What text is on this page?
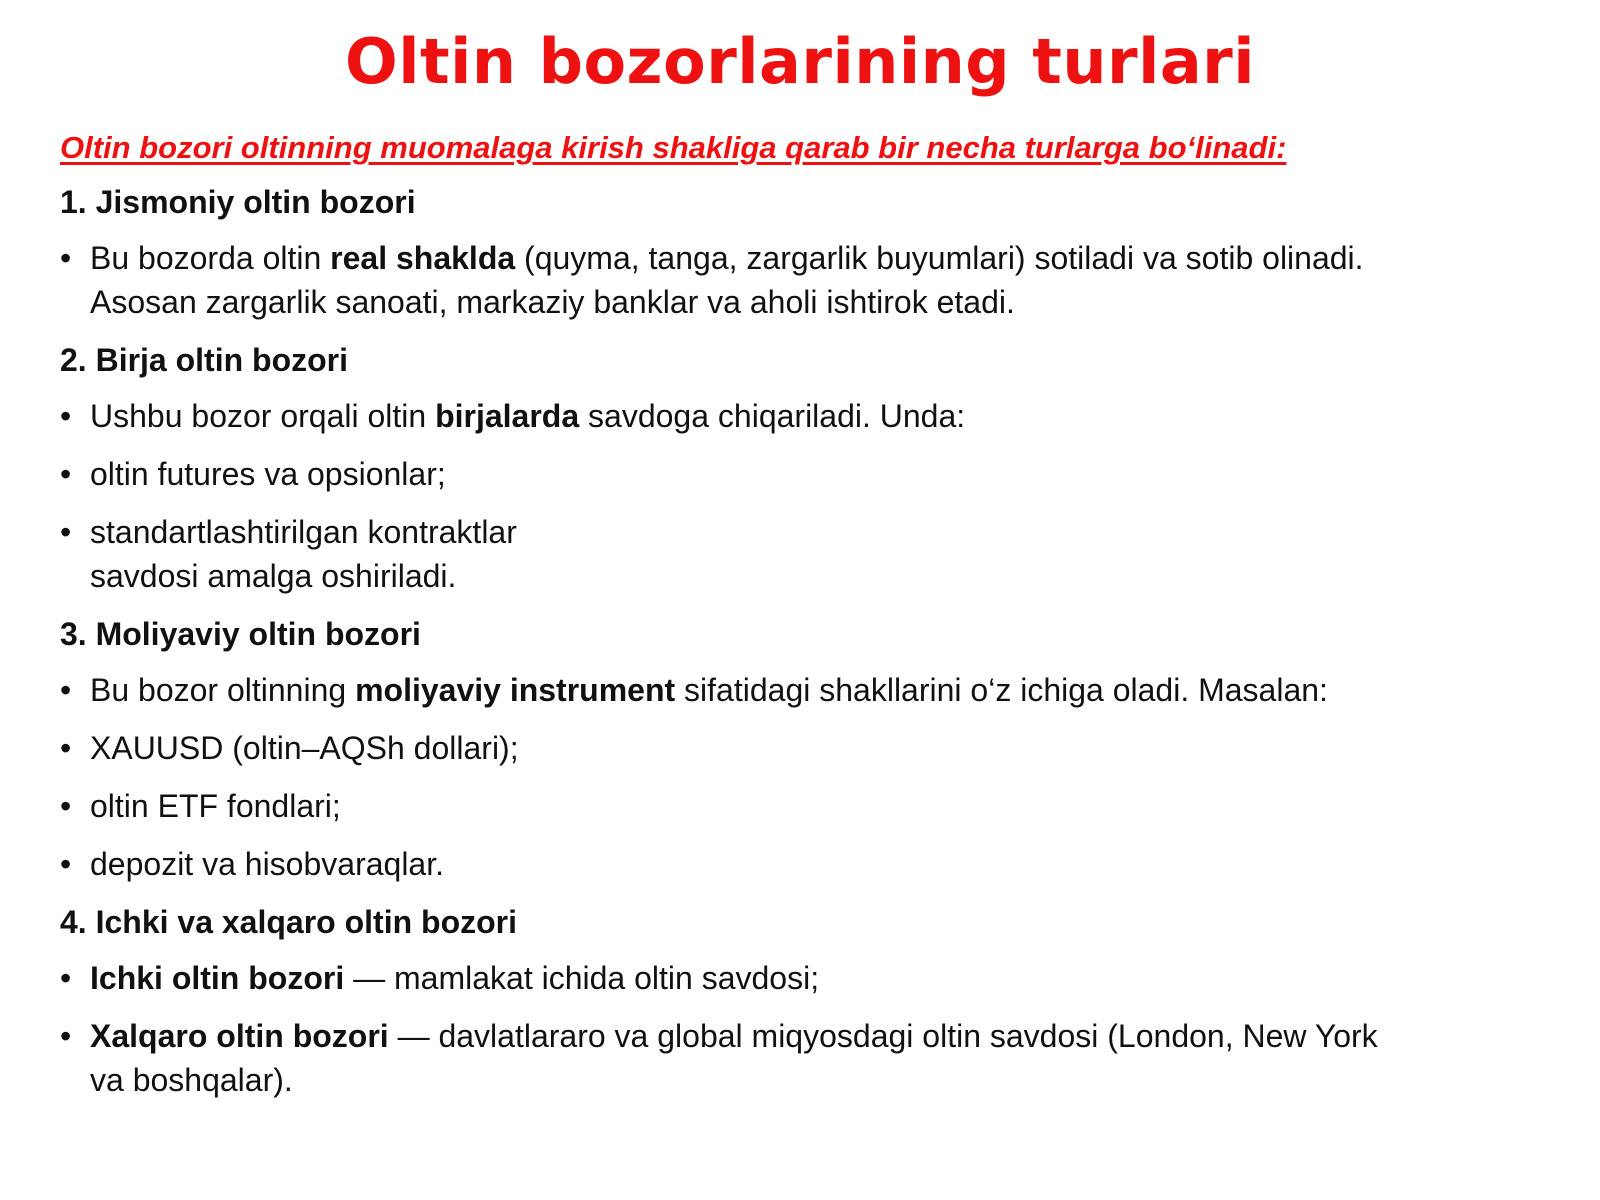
Oltin bozorlarining turlari
Oltin bozori oltinning muomalaga kirish shakliga qarab bir necha turlarga bo‘linadi:
1. Jismoniy oltin bozori
• Bu bozorda oltin real shaklda (quyma, tanga, zargarlik buyumlari) sotiladi va sotib olinadi.
Asosan zargarlik sanoati, markaziy banklar va aholi ishtirok etadi.
2. Birja oltin bozori
• Ushbu bozor orqali oltin birjalarda savdoga chiqariladi. Unda:
• oltin futures va opsionlar;
• standartlashtirilgan kontraktlar
savdosi amalga oshiriladi.
3. Moliyaviy oltin bozori
• Bu bozor oltinning moliyaviy instrument sifatidagi shakllarini o‘z ichiga oladi. Masalan:
• XAUUSD (oltin–AQSh dollari);
• oltin ETF fondlari;
• depozit va hisobvaraqlar.
4. Ichki va xalqaro oltin bozori
• Ichki oltin bozori — mamlakat ichida oltin savdosi;
• Xalqaro oltin bozori — davlatlararo va global miqyosdagi oltin savdosi (London, New York
va boshqalar).
